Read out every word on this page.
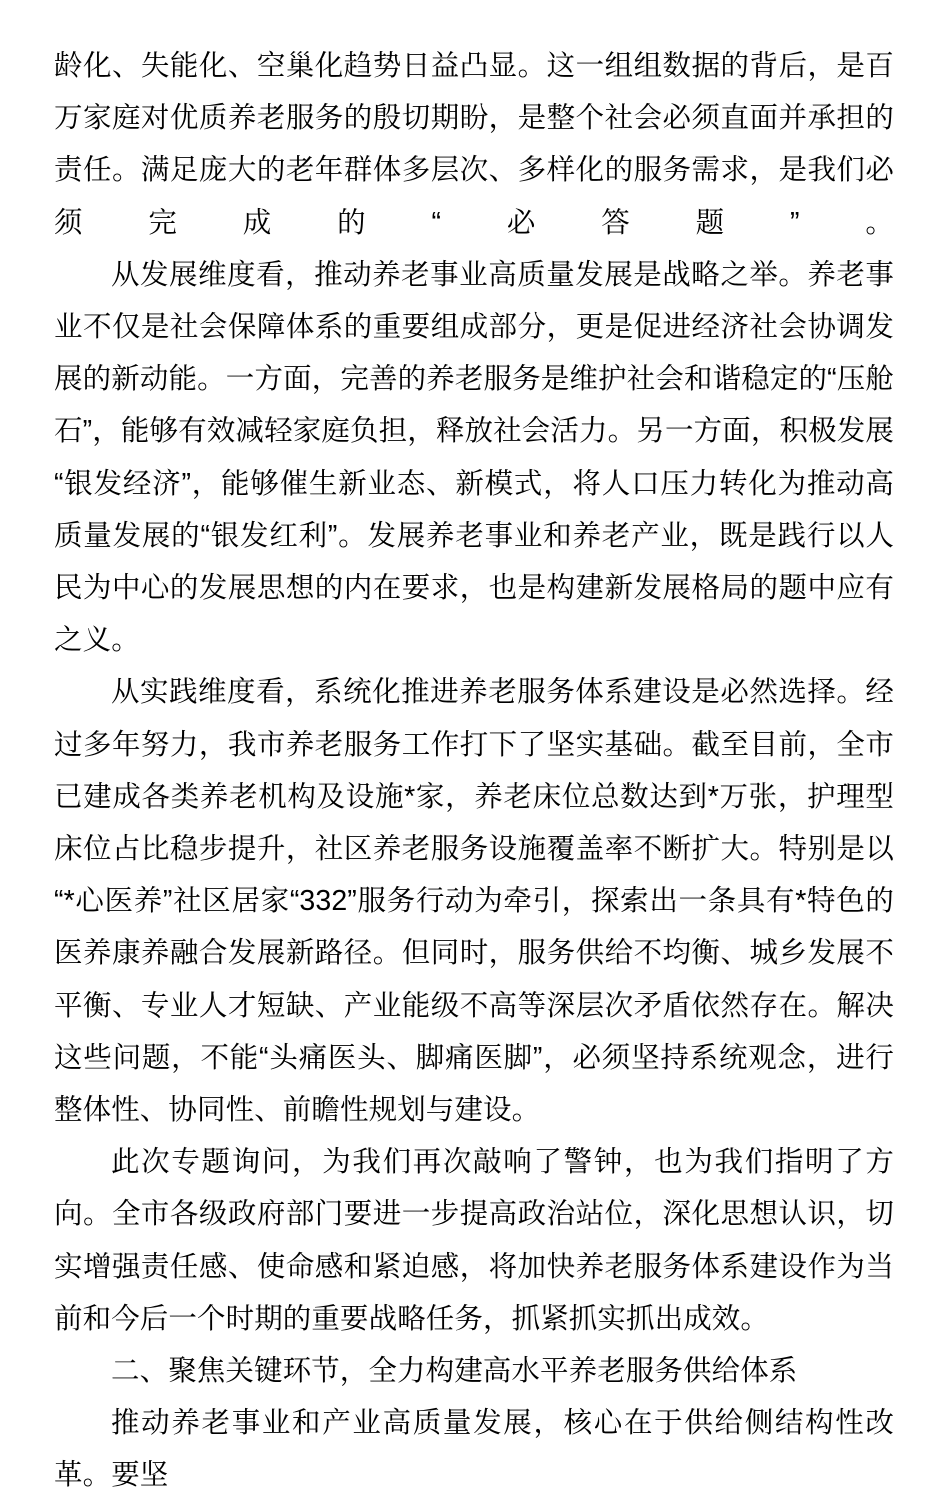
龄化、失能化、空巢化趋势日益凸显。这一组组数据的背后，是百万家庭对优质养老服务的殷切期盼，是整个社会必须直面并承担的责任。满足庞大的老年群体多层次、多样化的服务需求，是我们必须完成的“必答题”。

从发展维度看，推动养老事业高质量发展是战略之举。养老事业不仅是社会保障体系的重要组成部分，更是促进经济社会协调发展的新动能。一方面，完善的养老服务是维护社会和谐稳定的“压舱石”，能够有效减轻家庭负担，释放社会活力。另一方面，积极发展“银发经济”，能够催生新业态、新模式，将人口压力转化为推动高质量发展的“银发红利”。发展养老事业和养老产业，既是践行以人民为中心的发展思想的内在要求，也是构建新发展格局的题中应有之义。

从实践维度看，系统化推进养老服务体系建设是必然选择。经过多年努力，我市养老服务工作打下了坚实基础。截至目前，全市已建成各类养老机构及设施*家，养老床位总数达到*万张，护理型床位占比稳步提升，社区养老服务设施覆盖率不断扩大。特别是以“*心医养”社区居家“332”服务行动为牵引，探索出一条具有*特色的医养康养融合发展新路径。但同时，服务供给不均衡、城乡发展不平衡、专业人才短缺、产业能级不高等深层次矛盾依然存在。解决这些问题，不能“头痛医头、脚痛医脚”，必须坚持系统观念，进行整体性、协同性、前瞻性规划与建设。

此次专题询问，为我们再次敲响了警钟，也为我们指明了方向。全市各级政府部门要进一步提高政治站位，深化思想认识，切实增强责任感、使命感和紧迫感，将加快养老服务体系建设作为当前和今后一个时期的重要战略任务，抓紧抓实抓出成效。

二、聚焦关键环节，全力构建高水平养老服务供给体系

推动养老事业和产业高质量发展，核心在于供给侧结构性改革。要坚
